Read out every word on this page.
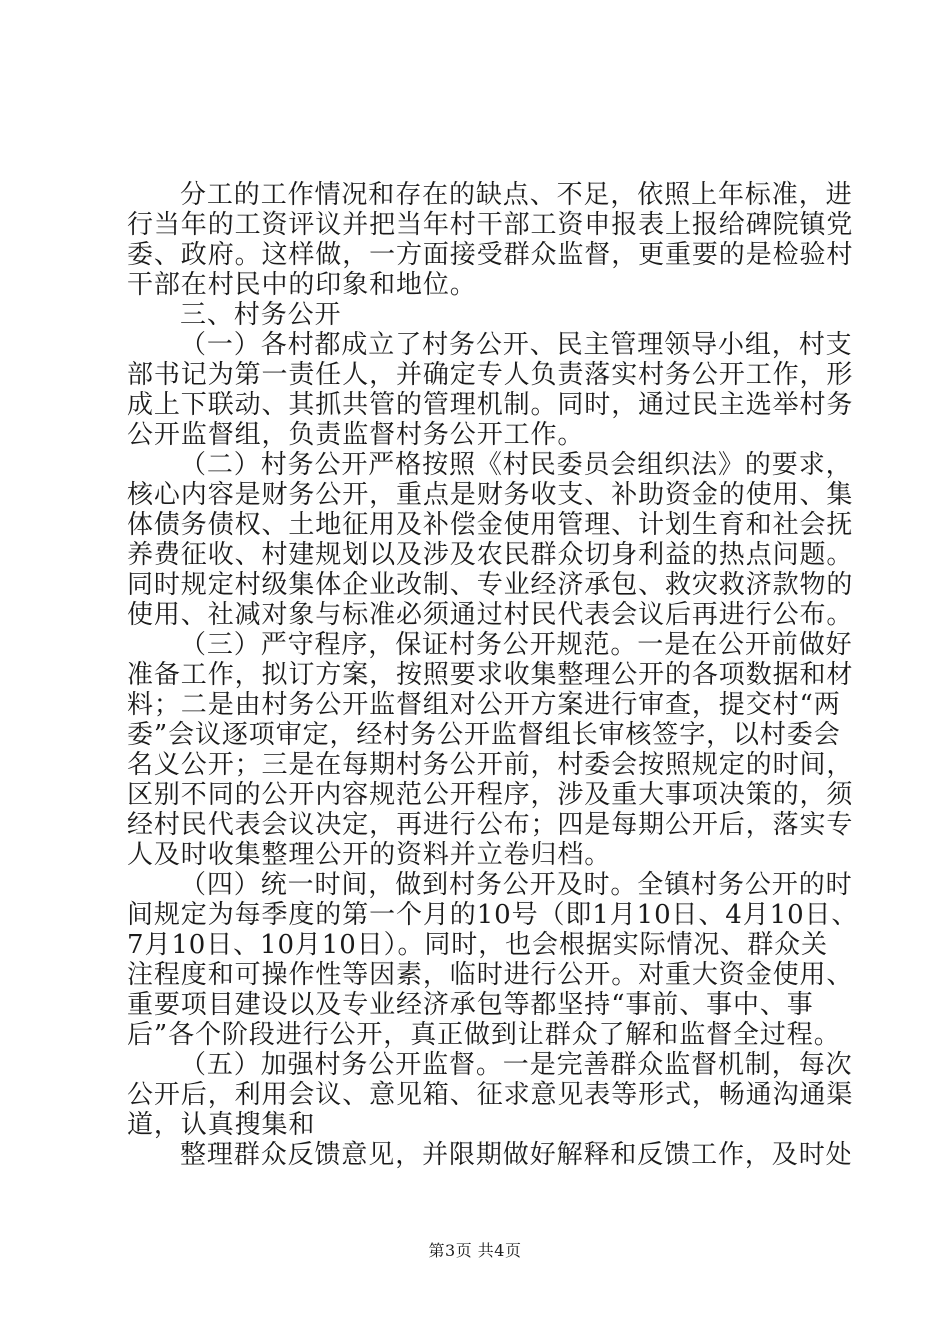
分工的工作情况和存在的缺点、不足，依照上年标准，进
行当年的工资评议并把当年村干部工资申报表上报给碑院镇党
委、政府。这样做，一方面接受群众监督，更重要的是检验村
干部在村民中的印象和地位。
三、村务公开
（一）各村都成立了村务公开、民主管理领导小组，村支
部书记为第一责任人，并确定专人负责落实村务公开工作，形
成上下联动、其抓共管的管理机制。同时，通过民主选举村务
公开监督组，负责监督村务公开工作。
（二）村务公开严格按照《村民委员会组织法》的要求，
核心内容是财务公开，重点是财务收支、补助资金的使用、集
体债务债权、土地征用及补偿金使用管理、计划生育和社会抚
养费征收、村建规划以及涉及农民群众切身利益的热点问题。
同时规定村级集体企业改制、专业经济承包、救灾救济款物的
使用、社减对象与标准必须通过村民代表会议后再进行公布。
（三）严守程序，保证村务公开规范。一是在公开前做好
准备工作，拟订方案，按照要求收集整理公开的各项数据和材
料；二是由村务公开监督组对公开方案进行审查，提交村“两
委”会议逐项审定，经村务公开监督组长审核签字，以村委会
名义公开；三是在每期村务公开前，村委会按照规定的时间，
区别不同的公开内容规范公开程序，涉及重大事项决策的，须
经村民代表会议决定，再进行公布；四是每期公开后，落实专
人及时收集整理公开的资料并立卷归档。
（四）统一时间，做到村务公开及时。全镇村务公开的时
间规定为每季度的第一个月的10号（即1月10日、4月10日、
7月10日、10月10日）。同时，也会根据实际情况、群众关
注程度和可操作性等因素，临时进行公开。对重大资金使用、
重要项目建设以及专业经济承包等都坚持“事前、事中、事
后”各个阶段进行公开，真正做到让群众了解和监督全过程。
（五）加强村务公开监督。一是完善群众监督机制，每次
公开后，利用会议、意见箱、征求意见表等形式，畅通沟通渠
道，认真搜集和
整理群众反馈意见，并限期做好解释和反馈工作，及时处
第3页 共4页
